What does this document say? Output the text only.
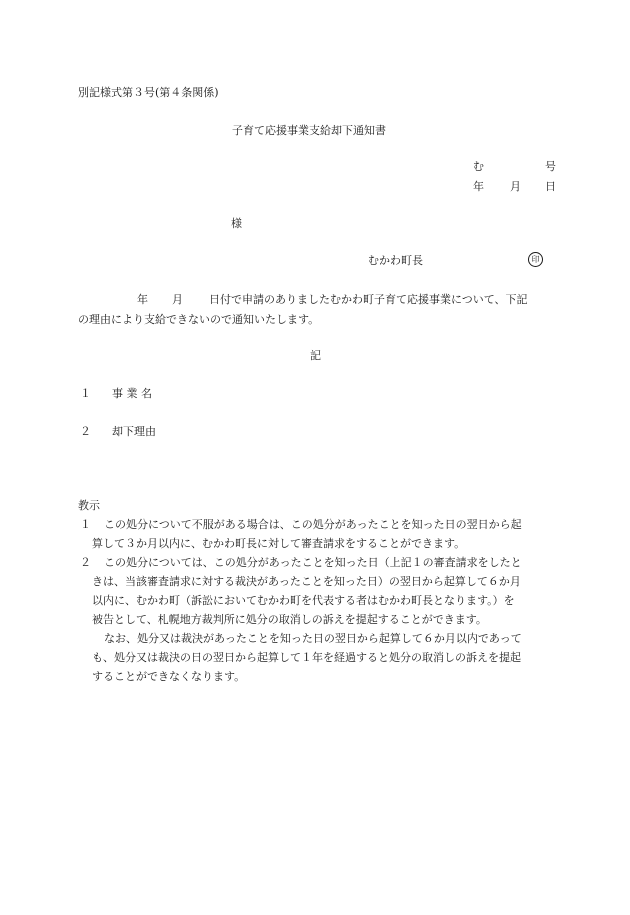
別記様式第３号(第４条関係)
子育て応援事業支給却下通知書
む	号
年 月 日
様
むかわ町長	印
年 月 日付で申請のありましたむかわ町子育て応援事業について、下記
の理由により支給できないので通知いたします。
記
１ 事 業 名
２ 却下理由
教示
１ この処分について不服がある場合は、この処分があったことを知った日の翌日から起
算して３か月以内に、むかわ町長に対して審査請求をすることができます。
２ この処分については、この処分があったことを知った日（上記１の審査請求をしたと
きは、当該審査請求に対する裁決があったことを知った日）の翌日から起算して６か月
以内に、むかわ町（訴訟においてむかわ町を代表する者はむかわ町長となります。）を
被告として、札幌地方裁判所に処分の取消しの訴えを提起することができます。
なお、処分又は裁決があったことを知った日の翌日から起算して６か月以内であって
も、処分又は裁決の日の翌日から起算して１年を経過すると処分の取消しの訴えを提起
することができなくなります。
